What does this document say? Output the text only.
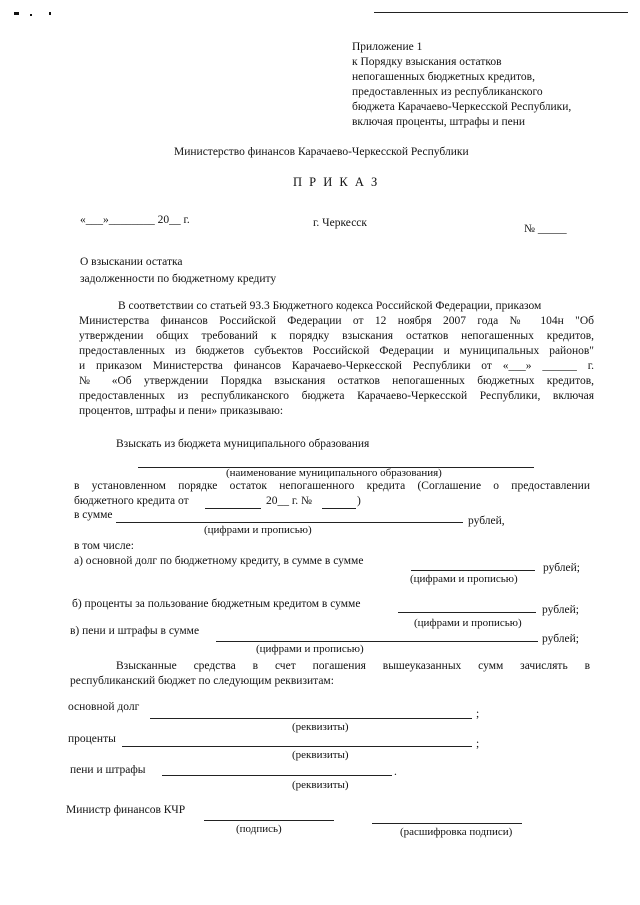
Приложение 1
к Порядку взыскания остатков
непогашенных бюджетных кредитов,
предоставленных из республиканского
бюджета Карачаево-Черкесской Республики,
включая проценты, штрафы и пени
Министерство финансов Карачаево-Черкесской Республики
П Р И К А З
«___»________ 20__ г.	г. Черкесск	№ _____
О взыскании остатка
задолженности по бюджетному кредиту
В соответствии со статьей 93.3 Бюджетного кодекса Российской Федерации, приказом
Министерства финансов Российской Федерации от 12 ноября 2007 года № 104н "Об
утверждении общих требований к порядку взыскания остатков непогашенных кредитов,
предоставленных из бюджетов субъектов Российской Федерации и муниципальных районов"
и приказом Министерства финансов Карачаево-Черкесской Республики от «___» ______ г.
№ «Об утверждении Порядка взыскания остатков непогашенных бюджетных кредитов,
предоставленных из республиканского бюджета Карачаево-Черкесской Республики, включая
процентов, штрафы и пени» приказываю:
Взыскать из бюджета муниципального образования
(наименование муниципального образования)
в установленном порядке остаток непогашенного кредита (Соглашение о предоставлении
бюджетного кредита от	20__ г. №	)
в сумме	рублей,
(цифрами и прописью)
в том числе:
а) основной долг по бюджетному кредиту, в сумме в сумме
рублей;
(цифрами и прописью)
б) проценты за пользование бюджетным кредитом в сумме	рублей;
(цифрами и прописью)
в) пени и штрафы в сумме
рублей;
(цифрами и прописью)
Взысканные средства в счет погашения вышеуказанных сумм зачислять в
республиканский бюджет по следующим реквизитам:
основной долг
;
(реквизиты)
проценты	;
(реквизиты)
пени и штрафы	.
(реквизиты)
Министр финансов КЧР
(подпись)	(расшифровка подписи)
